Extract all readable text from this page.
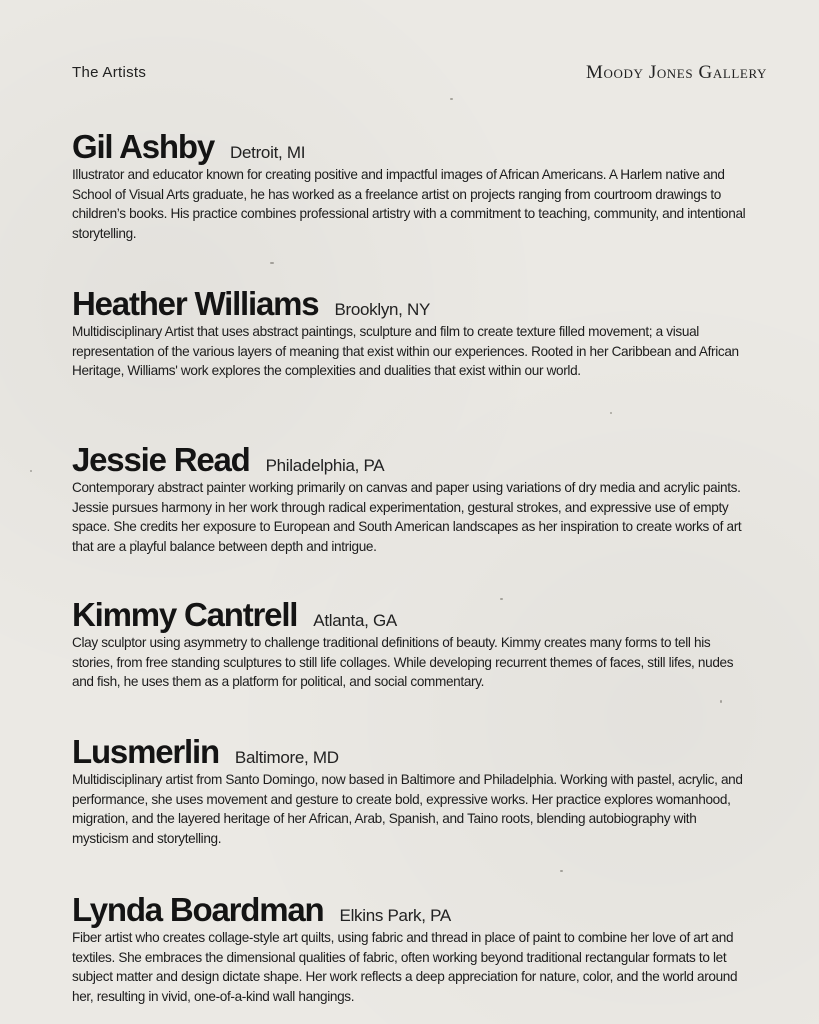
The Artists	Moody Jones Gallery
Gil Ashby Detroit, MI
Illustrator and educator known for creating positive and impactful images of African Americans. A Harlem native and School of Visual Arts graduate, he has worked as a freelance artist on projects ranging from courtroom drawings to children’s books. His practice combines professional artistry with a commitment to teaching, community, and intentional storytelling.
Heather Williams Brooklyn, NY
Multidisciplinary Artist that uses abstract paintings, sculpture and film to create texture filled movement; a visual representation of the various layers of meaning that exist within our experiences. Rooted in her Caribbean and African Heritage, Williams' work explores the complexities and dualities that exist within our world.
Jessie Read Philadelphia, PA
Contemporary abstract painter working primarily on canvas and paper using variations of dry media and acrylic paints. Jessie pursues harmony in her work through radical experimentation, gestural strokes, and expressive use of empty space. She credits her exposure to European and South American landscapes as her inspiration to create works of art that are a playful balance between depth and intrigue.
Kimmy Cantrell Atlanta, GA
Clay sculptor using asymmetry to challenge traditional definitions of beauty. Kimmy creates many forms to tell his stories, from free standing sculptures to still life collages. While developing recurrent themes of faces, still lifes, nudes and fish, he uses them as a platform for political, and social commentary.
Lusmerlin Baltimore, MD
Multidisciplinary artist from Santo Domingo, now based in Baltimore and Philadelphia. Working with pastel, acrylic, and performance, she uses movement and gesture to create bold, expressive works. Her practice explores womanhood, migration, and the layered heritage of her African, Arab, Spanish, and Taino roots, blending autobiography with mysticism and storytelling.
Lynda Boardman Elkins Park, PA
Fiber artist who creates collage-style art quilts, using fabric and thread in place of paint to combine her love of art and textiles. She embraces the dimensional qualities of fabric, often working beyond traditional rectangular formats to let subject matter and design dictate shape. Her work reflects a deep appreciation for nature, color, and the world around her, resulting in vivid, one-of-a-kind wall hangings.
